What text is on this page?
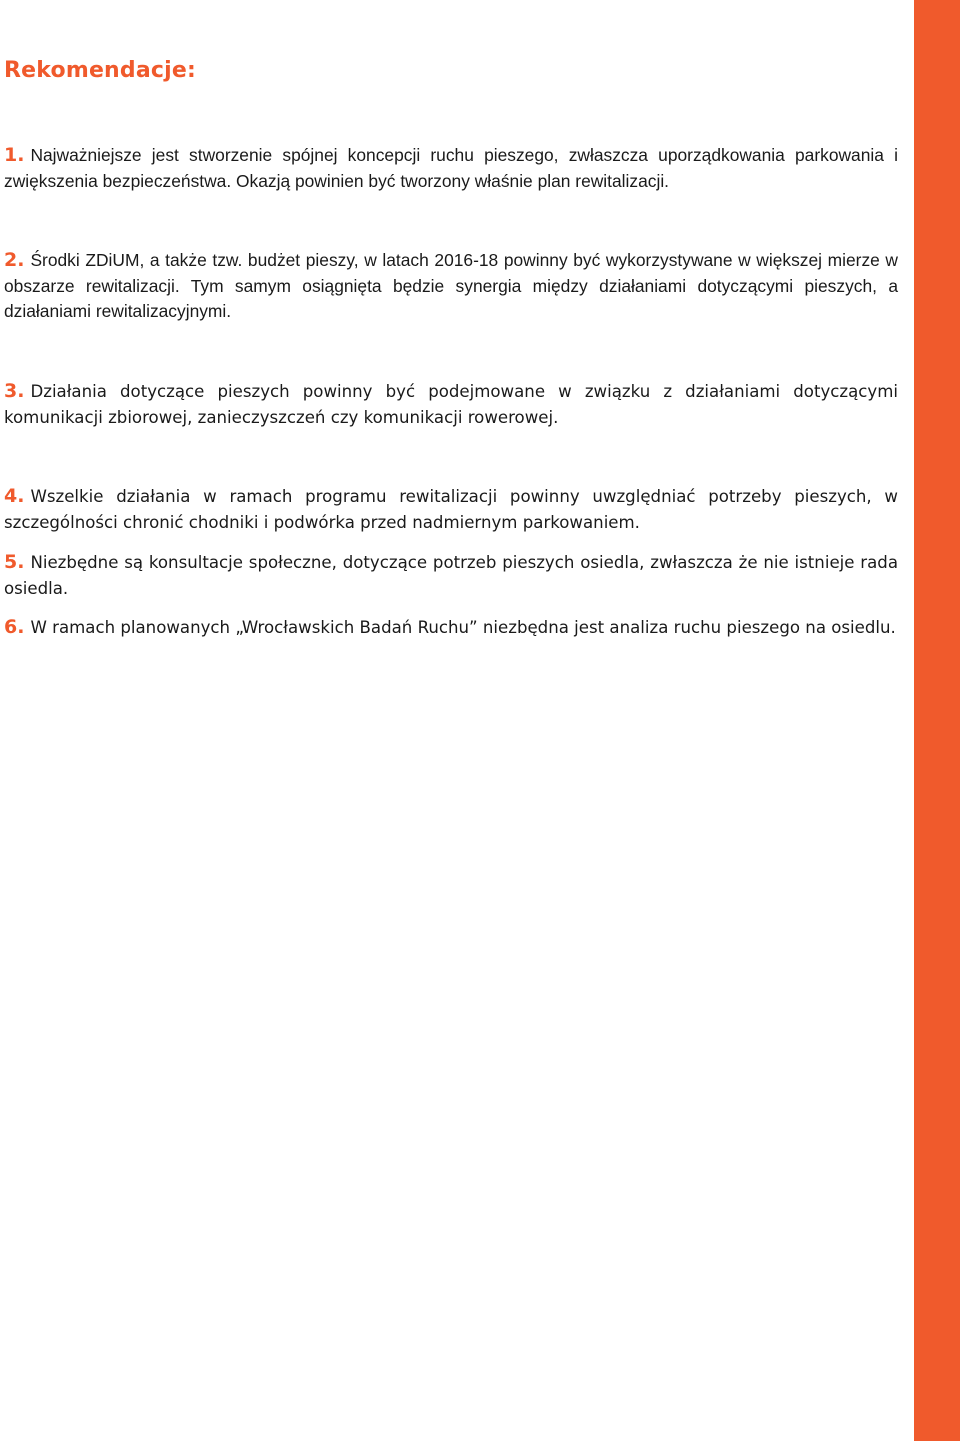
Rekomendacje:

1. Najważniejsze jest stworzenie spójnej koncepcji ruchu pieszego, zwłaszcza uporządkowania parkowania i zwiększenia bezpieczeństwa. Okazją powinien być tworzony właśnie plan rewitalizacji.

2. Środki ZDiUM, a także tzw. budżet pieszy, w latach 2016-18 powinny być wykorzystywane w większej mierze w obszarze rewitalizacji. Tym samym osiągnięta będzie synergia między działaniami dotyczącymi pieszych, a działaniami rewitalizacyjnymi.

3. Działania dotyczące pieszych powinny być podejmowane w związku z działaniami dotyczącymi komunikacji zbiorowej, zanieczyszczeń czy komunikacji rowerowej.

4. Wszelkie działania w ramach programu rewitalizacji powinny uwzględniać potrzeby pieszych, w szczególności chronić chodniki i podwórka przed nadmiernym parkowaniem.

5. Niezbędne są konsultacje społeczne, dotyczące potrzeb pieszych osiedla, zwłaszcza że nie istnieje rada osiedla.

6. W ramach planowanych „Wrocławskich Badań Ruchu” niezbędna jest analiza ruchu pieszego na osiedlu.
